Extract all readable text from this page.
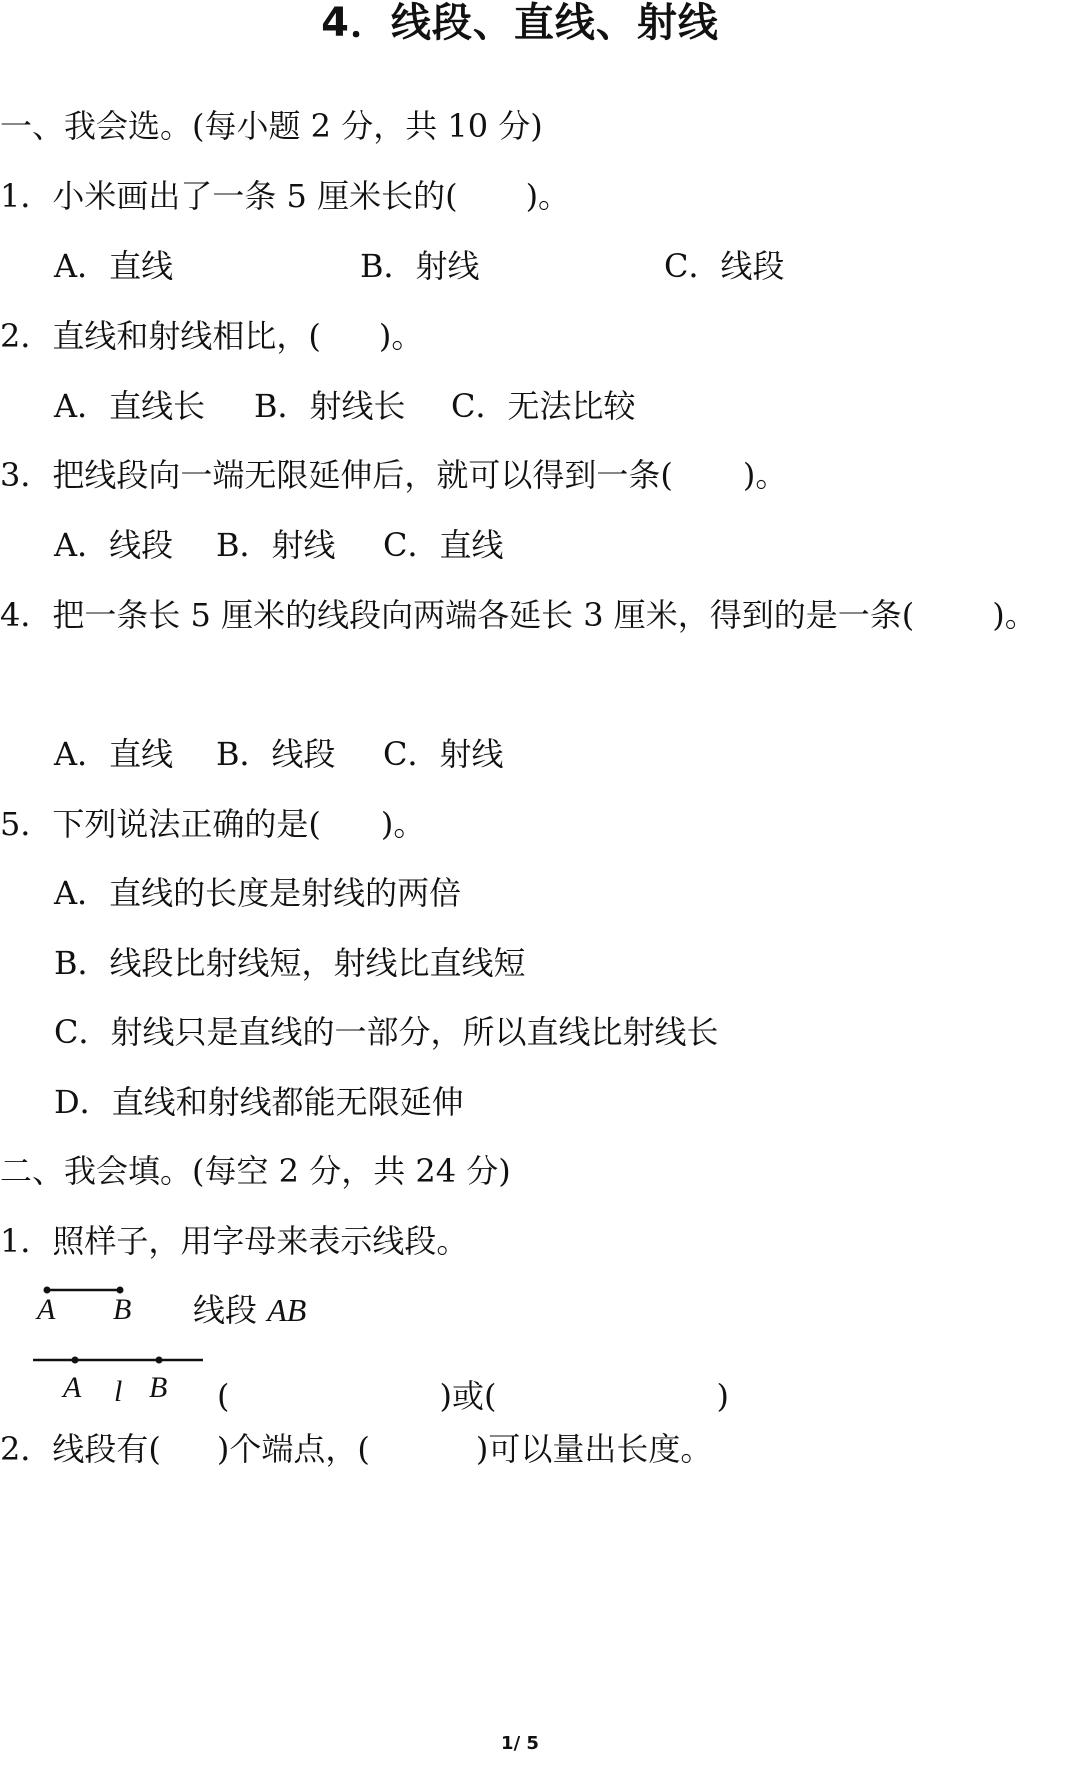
4．线段、直线、射线
一、我会选。(每小题 2 分，共 10 分)
1．小米画出了一条 5 厘米长的( )。
A．直线	B．射线	C．线段
2．直线和射线相比，( )。
A．直线长 B．射线长 C．无法比较
3．把线段向一端无限延伸后，就可以得到一条( )。
A．线段 B．射线 C．直线
4．把一条长 5 厘米的线段向两端各延长 3 厘米，得到的是一条( )。
A．直线 B．线段 C．射线
5．下列说法正确的是( )。
A．直线的长度是射线的两倍
B．线段比射线短，射线比直线短
C．射线只是直线的一部分，所以直线比射线长
D．直线和射线都能无限延伸
二、我会填。(每空 2 分，共 24 分)
1．照样子，用字母来表示线段。
A B 线段 AB
A l B (	)或(	)
2．线段有( )个端点，(	)可以量出长度。
1/ 5
